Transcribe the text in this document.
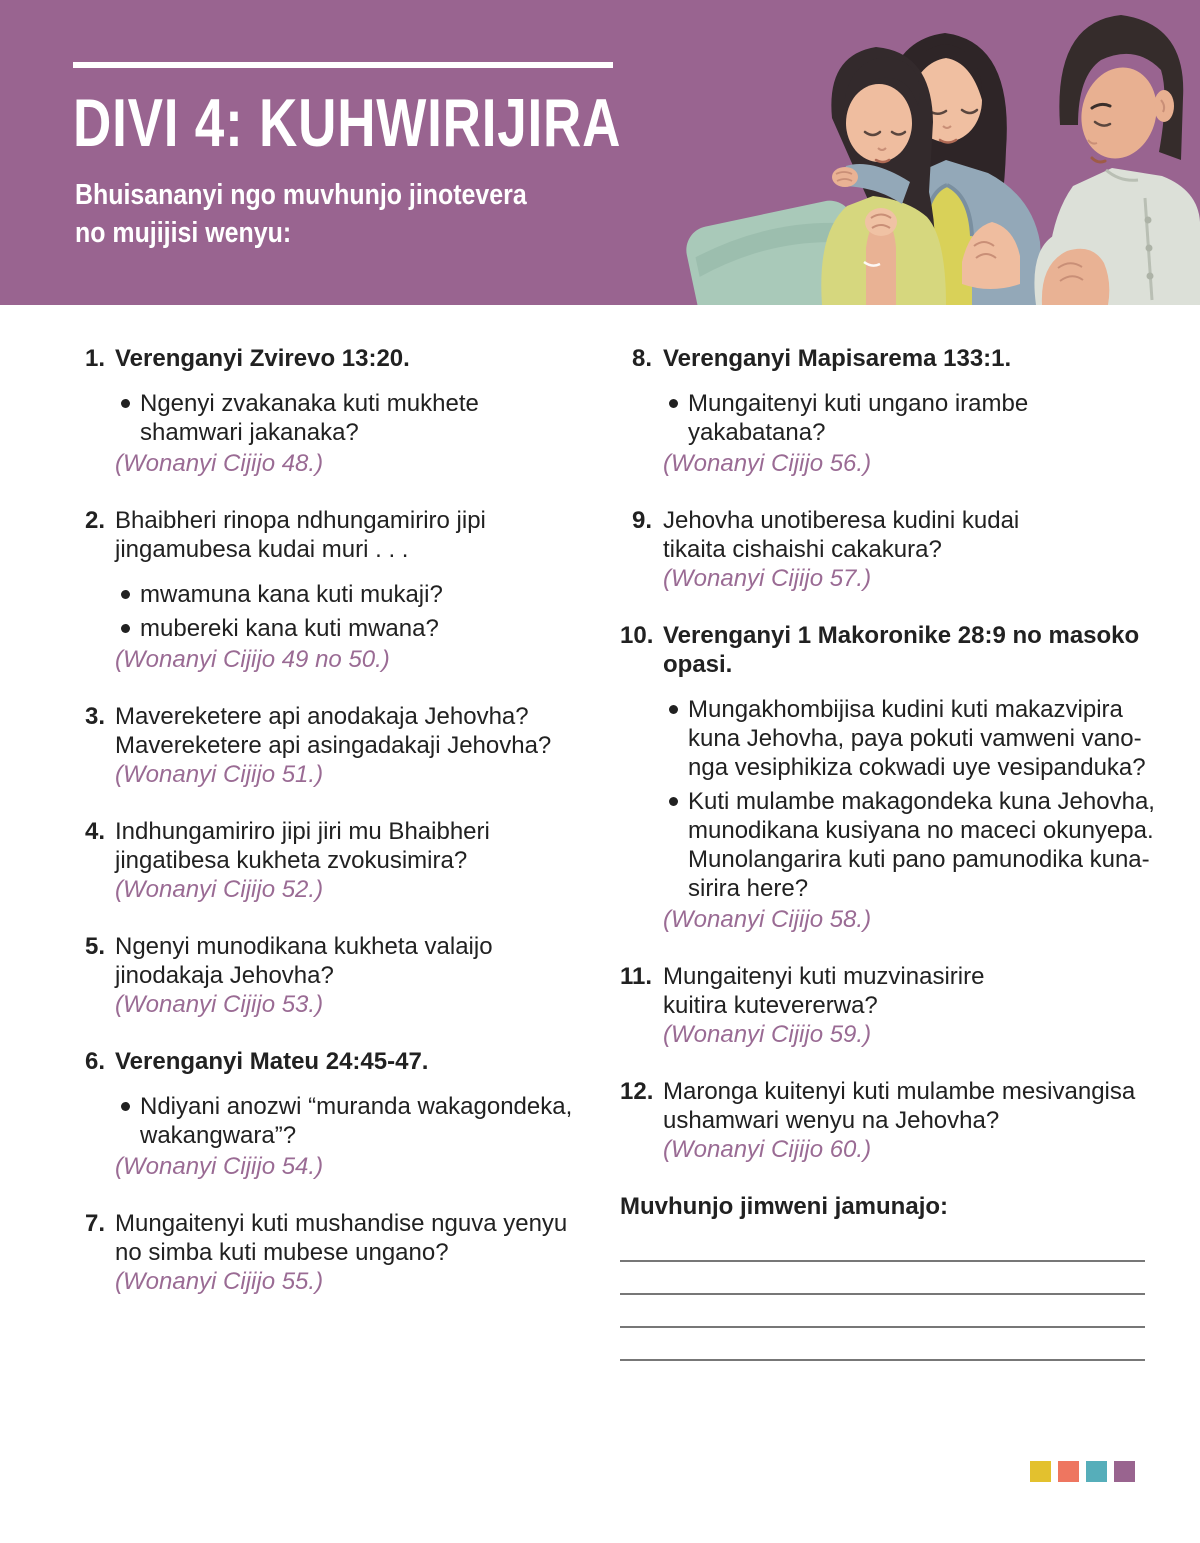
DIVI 4: KUHWIRIJIRA
Bhuisananyi ngo muvhunjo jinotevera
no mujijisi wenyu:
1. Verenganyi Zvirevo 13:20.
Ngenyi zvakanaka kuti mukhete
shamwari jakanaka?
(Wonanyi Cijijo 48.)
2. Bhaibheri rinopa ndhungamiriro jipi
jingamubesa kudai muri . . .
mwamuna kana kuti mukaji?
mubereki kana kuti mwana?
(Wonanyi Cijijo 49 no 50.)
3. Mavereketere api anodakaja Jehovha?
Mavereketere api asingadakaji Jehovha?
(Wonanyi Cijijo 51.)
4. Indhungamiriro jipi jiri mu Bhaibheri
jingatibesa kukheta zvokusimira?
(Wonanyi Cijijo 52.)
5. Ngenyi munodikana kukheta valaijo
jinodakaja Jehovha?
(Wonanyi Cijijo 53.)
6. Verenganyi Mateu 24:45-47.
Ndiyani anozwi “muranda wakagondeka,
wakangwara”?
(Wonanyi Cijijo 54.)
7. Mungaitenyi kuti mushandise nguva yenyu
no simba kuti mubese ungano?
(Wonanyi Cijijo 55.)
8. Verenganyi Mapisarema 133:1.
Mungaitenyi kuti ungano irambe
yakabatana?
(Wonanyi Cijijo 56.)
9. Jehovha unotiberesa kudini kudai
tikaita cishaishi cakakura?
(Wonanyi Cijijo 57.)
10. Verenganyi 1 Makoronike 28:9 no masoko
opasi.
Mungakhombijisa kudini kuti makazvipira
kuna Jehovha, paya pokuti vamweni vano-
nga vesiphikiza cokwadi uye vesipanduka?
Kuti mulambe makagondeka kuna Jehovha,
munodikana kusiyana no maceci okunyepa.
Munolangarira kuti pano pamunodika kuna-
sirira here?
(Wonanyi Cijijo 58.)
11. Mungaitenyi kuti muzvinasirire
kuitira kutevererwa?
(Wonanyi Cijijo 59.)
12. Maronga kuitenyi kuti mulambe mesivangisa
ushamwari wenyu na Jehovha?
(Wonanyi Cijijo 60.)
Muvhunjo jimweni jamunajo:
